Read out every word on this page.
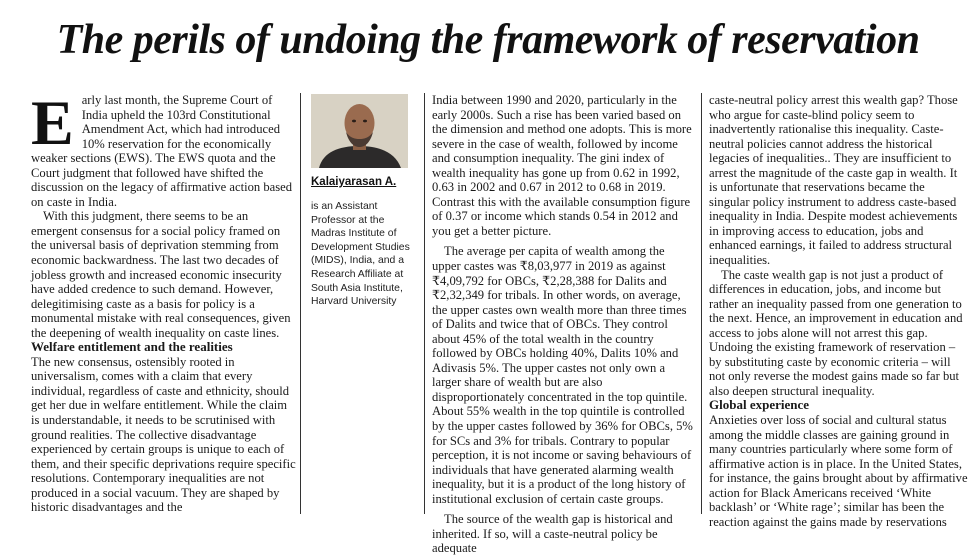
The perils of undoing the framework of reservation

Early last month, the Supreme Court of India upheld the 103rd Constitutional Amendment Act, which had introduced 10% reservation for the economically weaker sections (EWS). The EWS quota and the Court judgment that followed have shifted the discussion on the legacy of affirmative action based on caste in India.

With this judgment, there seems to be an emergent consensus for a social policy framed on the universal basis of deprivation stemming from economic backwardness. The last two decades of jobless growth and increased economic insecurity have added credence to such demand. However, delegitimising caste as a basis for policy is a monumental mistake with real consequences, given the deepening of wealth inequality on caste lines.

Welfare entitlement and the realities

The new consensus, ostensibly rooted in universalism, comes with a claim that every individual, regardless of caste and ethnicity, should get her due in welfare entitlement. While the claim is understandable, it needs to be scrutinised with ground realities. The collective disadvantage experienced by certain groups is unique to each of them, and their specific deprivations require specific resolutions. Contemporary inequalities are not produced in a social vacuum. They are shaped by historic disadvantages and the

Kalaiyarasan A.
is an Assistant Professor at the Madras Institute of Development Studies (MIDS), India, and a Research Affiliate at South Asia Institute, Harvard University

India between 1990 and 2020, particularly in the early 2000s. Such a rise has been varied based on the dimension and method one adopts. This is more severe in the case of wealth, followed by income and consumption inequality. The gini index of wealth inequality has gone up from 0.62 in 1992, 0.63 in 2002 and 0.67 in 2012 to 0.68 in 2019. Contrast this with the available consumption figure of 0.37 or income which stands 0.54 in 2012 and you get a better picture.

The average per capita of wealth among the upper castes was ₹8,03,977 in 2019 as against ₹4,09,792 for OBCs, ₹2,28,388 for Dalits and ₹2,32,349 for tribals. In other words, on average, the upper castes own wealth more than three times of Dalits and twice that of OBCs. They control about 45% of the total wealth in the country followed by OBCs holding 40%, Dalits 10% and Adivasis 5%. The upper castes not only own a larger share of wealth but are also disproportionately concentrated in the top quintile. About 55% wealth in the top quintile is controlled by the upper castes followed by 36% for OBCs, 5% for SCs and 3% for tribals. Contrary to popular perception, it is not income or saving behaviours of individuals that have generated alarming wealth inequality, but it is a product of the long history of institutional exclusion of certain caste groups.

The source of the wealth gap is historical and inherited. If so, will a caste-neutral policy be adequate

caste-neutral policy arrest this wealth gap? Those who argue for caste-blind policy seem to inadvertently rationalise this inequality. Caste-neutral policies cannot address the historical legacies of inequalities.. They are insufficient to arrest the magnitude of the caste gap in wealth. It is unfortunate that reservations became the singular policy instrument to address caste-based inequality in India. Despite modest achievements in improving access to education, jobs and enhanced earnings, it failed to address structural inequalities.

The caste wealth gap is not just a product of differences in education, jobs, and income but rather an inequality passed from one generation to the next. Hence, an improvement in education and access to jobs alone will not arrest this gap. Undoing the existing framework of reservation – by substituting caste by economic criteria – will not only reverse the modest gains made so far but also deepen structural inequality.

Global experience

Anxieties over loss of social and cultural status among the middle classes are gaining ground in many countries particularly where some form of affirmative action is in place. In the United States, for instance, the gains brought about by affirmative action for Black Americans received ‘White backlash’ or ‘White rage’; similar has been the reaction against the gains made by reservations
